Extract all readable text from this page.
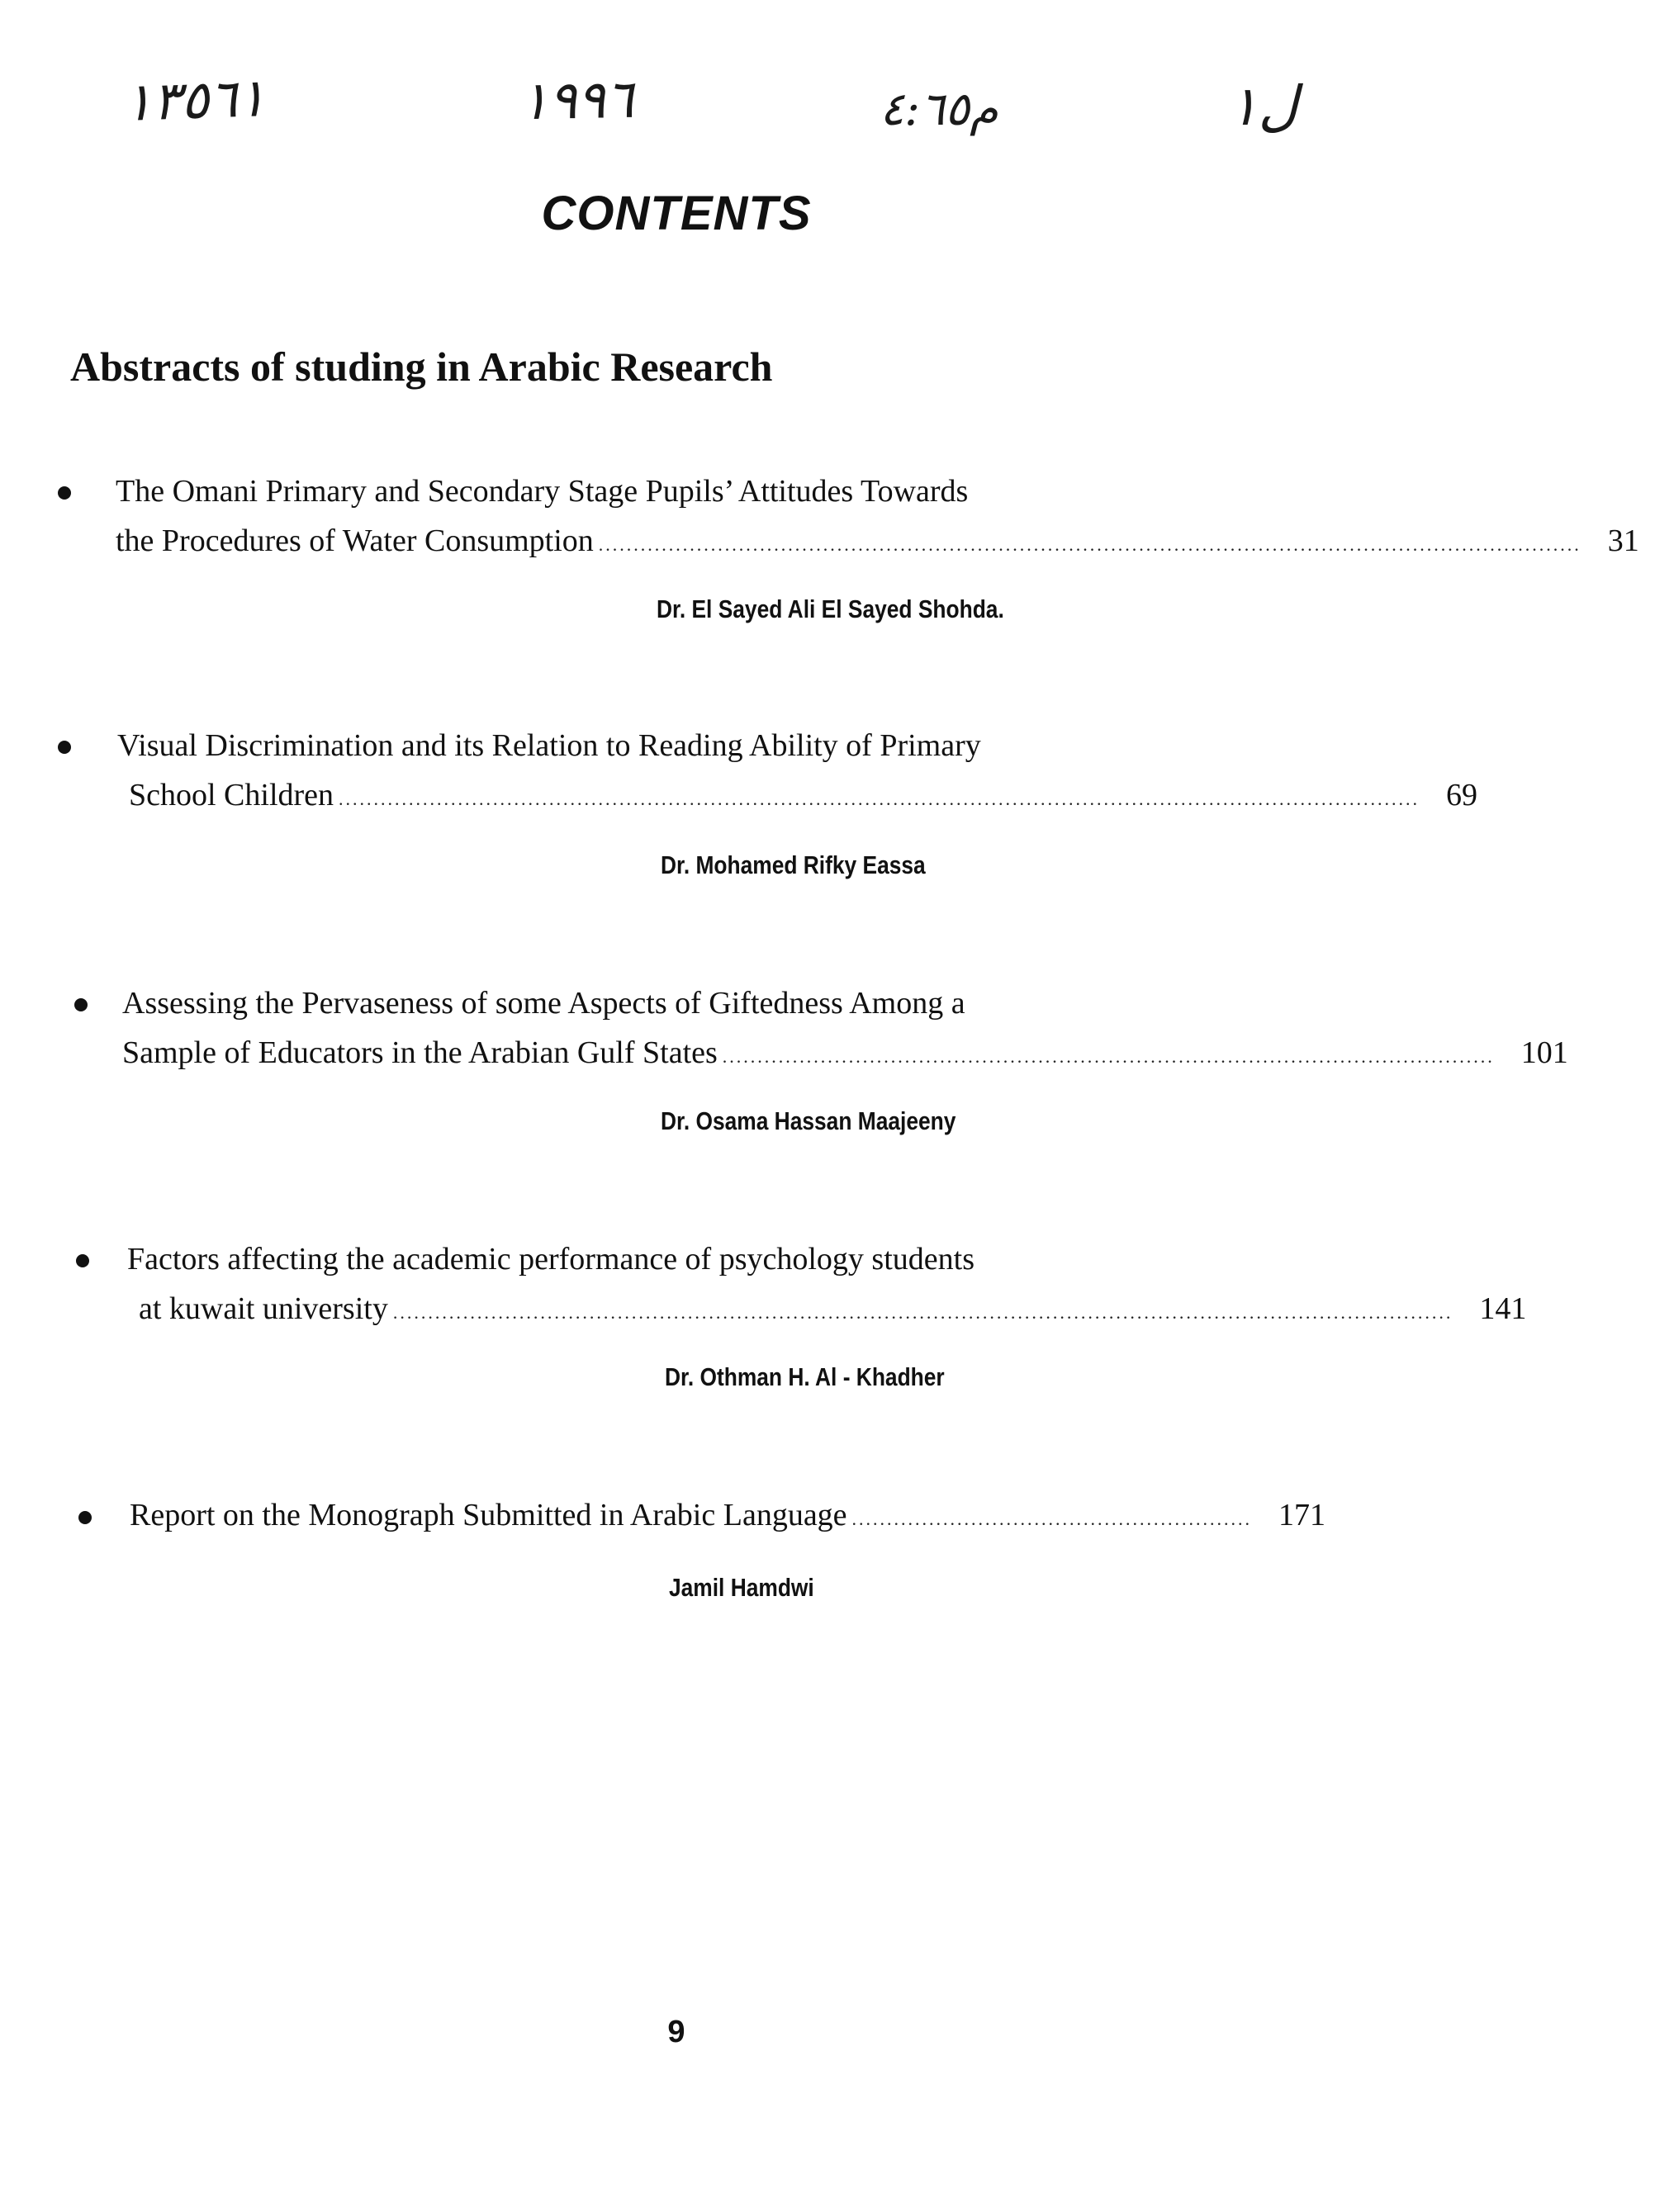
١٣٥٦١	١٩٩٦	م٤:٦٥	ل١
CONTENTS
Abstracts of studing in Arabic Research
The Omani Primary and Secondary Stage Pupils’ Attitudes Towards
the Procedures of Water Consumption ............................................................................................................................................ 31
Dr. El Sayed Ali El Sayed Shohda.
Visual Discrimination and its Relation to Reading Ability of Primary
School Children .......................................................................................................................................................... 69
Dr. Mohamed Rifky Eassa
Assessing the Pervaseness of some Aspects of Giftedness Among a
Sample of Educators in the Arabian Gulf States .............................................................................................................. 101
Dr. Osama Hassan Maajeeny
Factors affecting the academic performance of psychology students
at kuwait university ....................................................................................................................................................... 141
Dr. Othman H. Al - Khadher
Report on the Monograph Submitted in Arabic Language ......................................................... 171
Jamil Hamdwi
9
